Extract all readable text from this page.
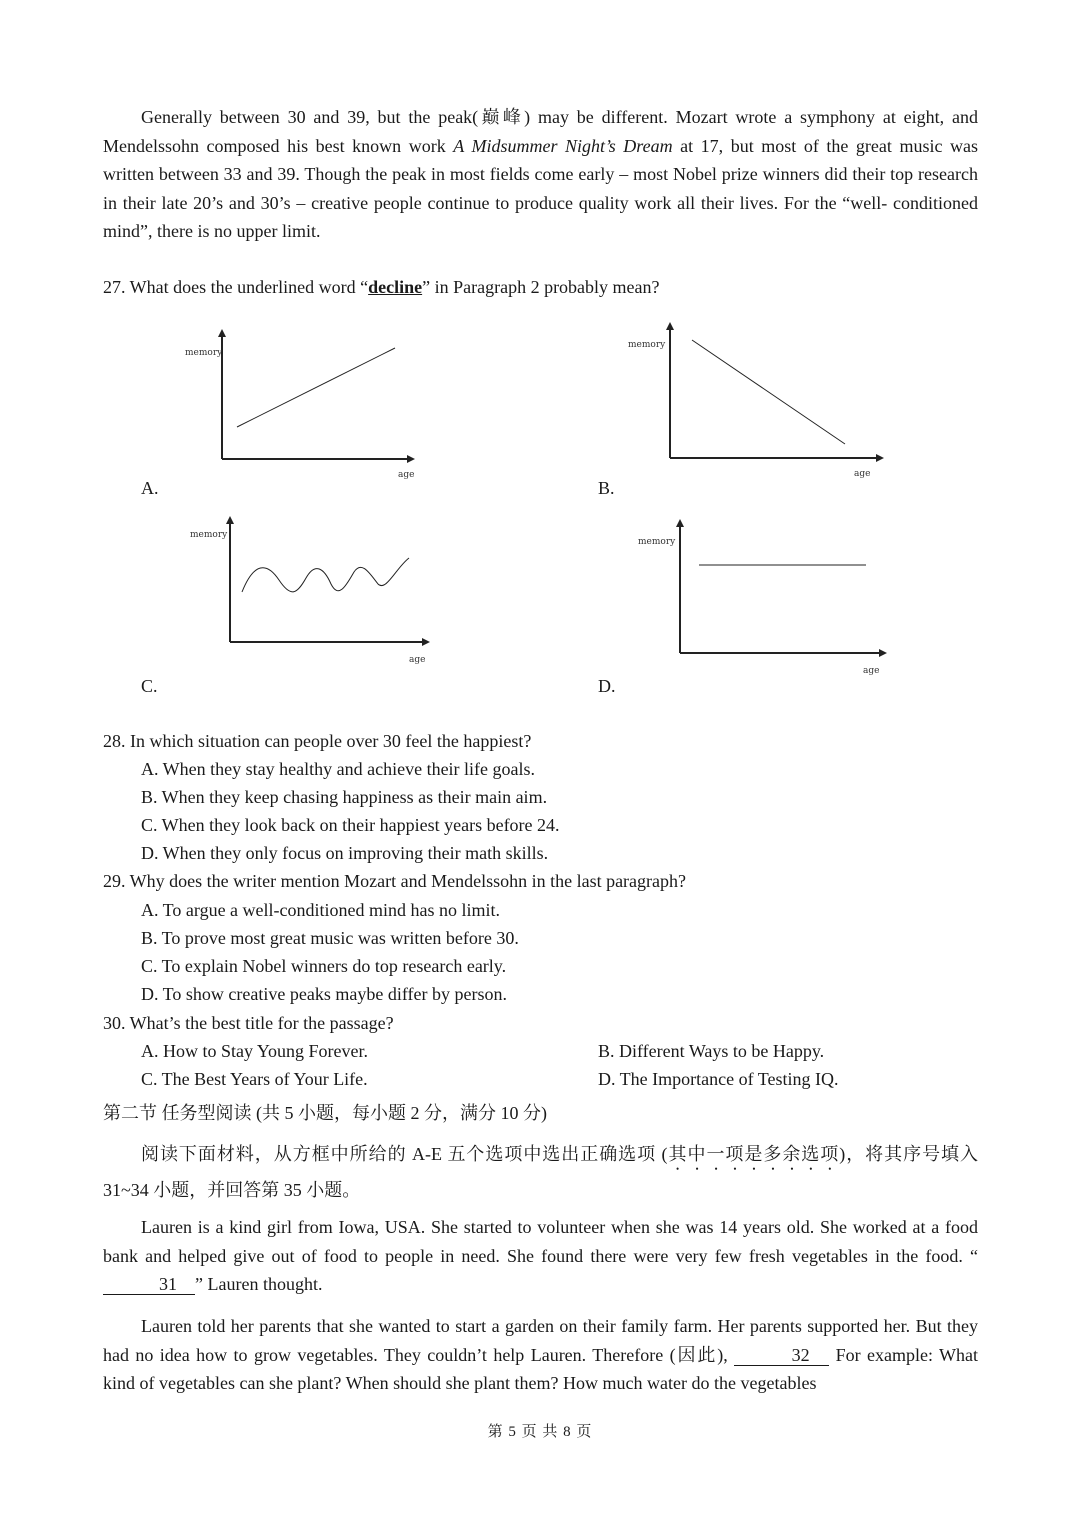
Generally between 30 and 39, but the peak(巅峰) may be different. Mozart wrote a symphony at eight, and Mendelssohn composed his best known work A Midsummer Night’s Dream at 17, but most of the great music was written between 33 and 39. Though the peak in most fields come early – most Nobel prize winners did their top research in their late 20’s and 30’s – creative people continue to produce quality work all their lives. For the “well- conditioned mind”, there is no upper limit.

27. What does the underlined word “decline” in Paragraph 2 probably mean?

memory
age
A.
memory
age
B.
memory
age
C.
memory
age
D.

28. In which situation can people over 30 feel the happiest?

A. When they stay healthy and achieve their life goals.

B. When they keep chasing happiness as their main aim.

C. When they look back on their happiest years before 24.

D. When they only focus on improving their math skills.

29. Why does the writer mention Mozart and Mendelssohn in the last paragraph?

A. To argue a well-conditioned mind has no limit.

B. To prove most great music was written before 30.

C. To explain Nobel winners do top research early.

D. To show creative peaks maybe differ by person.

30. What’s the best title for the passage?

A. How to Stay Young Forever.	B. Different Ways to be Happy.

C. The Best Years of Your Life.	D. The Importance of Testing IQ.

第二节 任务型阅读 (共 5 小题，每小题 2 分，满分 10 分)

阅读下面材料，从方框中所给的 A-E 五个选项中选出正确选项 (其中一项是多余选项)，将其序号填入 31~34 小题，并回答第 35 小题。

Lauren is a kind girl from Iowa, USA. She started to volunteer when she was 14 years old. She worked at a food bank and helped give out of food to people in need. She found there were very few fresh vegetables in the food. “31 ” Lauren thought.

Lauren told her parents that she wanted to start a garden on their family farm. Her parents supported her. But they had no idea how to grow vegetables. They couldn’t help Lauren. Therefore (因此),	32 For example: What kind of vegetables can she plant? When should she plant them? How much water do the vegetables

第 5 页 共 8 页
